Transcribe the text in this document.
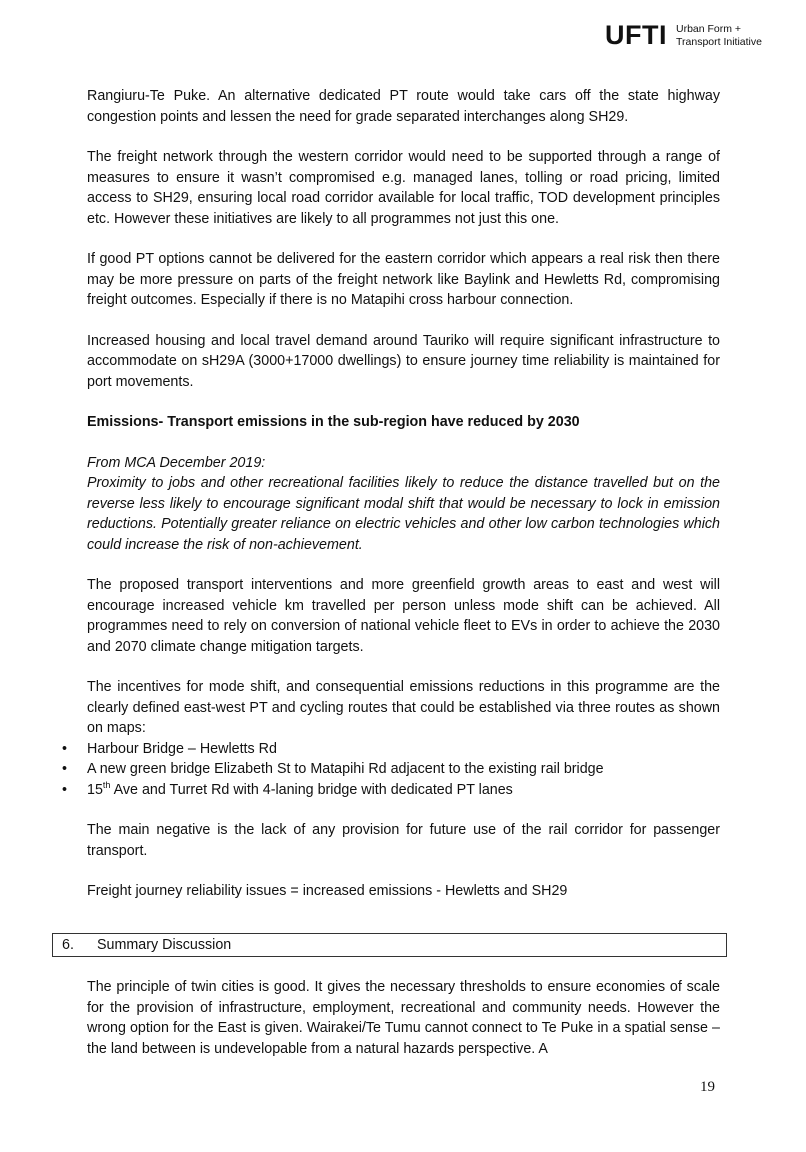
UFTI Urban Form +
Transport Initiative

Rangiuru-Te Puke. An alternative dedicated PT route would take cars off the state highway congestion points and lessen the need for grade separated interchanges along SH29.

The freight network through the western corridor would need to be supported through a range of measures to ensure it wasn’t compromised e.g. managed lanes, tolling or road pricing, limited access to SH29, ensuring local road corridor available for local traffic, TOD development principles etc. However these initiatives are likely to all programmes not just this one.

If good PT options cannot be delivered for the eastern corridor which appears a real risk then there may be more pressure on parts of the freight network like Baylink and Hewletts Rd, compromising freight outcomes. Especially if there is no Matapihi cross harbour connection.

Increased housing and local travel demand around Tauriko will require significant infrastructure to accommodate on sH29A (3000+17000 dwellings) to ensure journey time reliability is maintained for port movements.

Emissions- Transport emissions in the sub-region have reduced by 2030

From MCA December 2019:

Proximity to jobs and other recreational facilities likely to reduce the distance travelled but on the reverse less likely to encourage significant modal shift that would be necessary to lock in emission reductions. Potentially greater reliance on electric vehicles and other low carbon technologies which could increase the risk of non-achievement.

The proposed transport interventions and more greenfield growth areas to east and west will encourage increased vehicle km travelled per person unless mode shift can be achieved. All programmes need to rely on conversion of national vehicle fleet to EVs in order to achieve the 2030 and 2070 climate change mitigation targets.

The incentives for mode shift, and consequential emissions reductions in this programme are the clearly defined east-west PT and cycling routes that could be established via three routes as shown on maps:

• Harbour Bridge – Hewletts Rd
• A new green bridge Elizabeth St to Matapihi Rd adjacent to the existing rail bridge
• 15th Ave and Turret Rd with 4-laning bridge with dedicated PT lanes

The main negative is the lack of any provision for future use of the rail corridor for passenger transport.

Freight journey reliability issues = increased emissions - Hewletts and SH29

6.	Summary Discussion

The principle of twin cities is good. It gives the necessary thresholds to ensure economies of scale for the provision of infrastructure, employment, recreational and community needs. However the wrong option for the East is given. Wairakei/Te Tumu cannot connect to Te Puke in a spatial sense – the land between is undevelopable from a natural hazards perspective. A

19
